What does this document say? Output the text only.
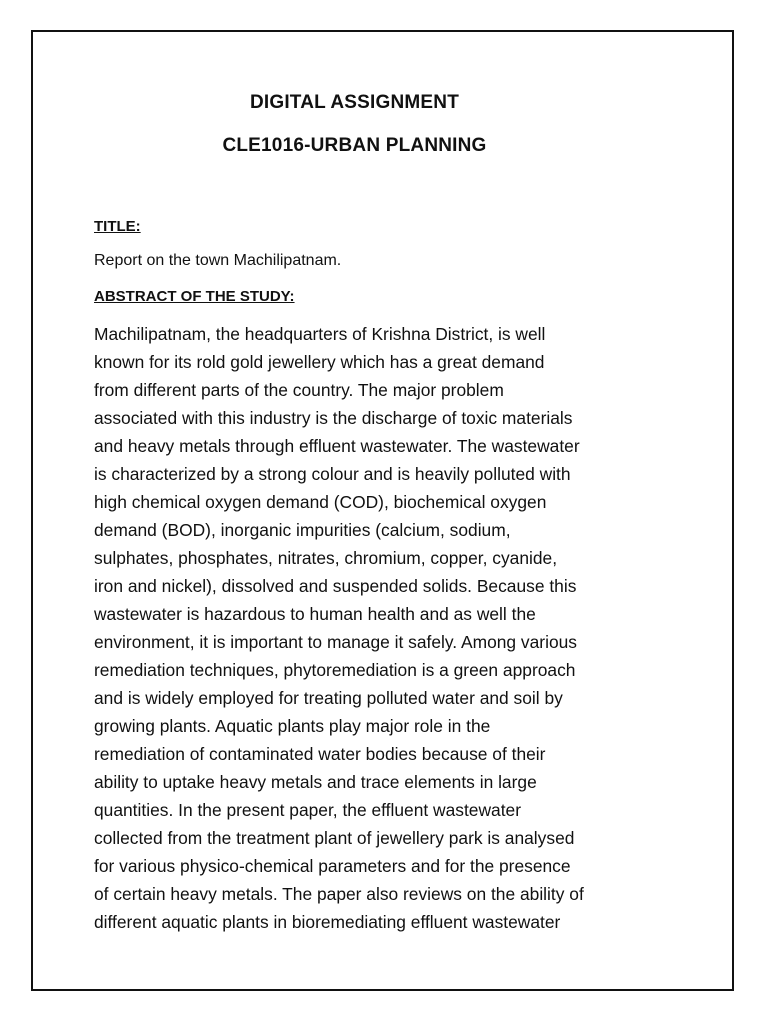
DIGITAL ASSIGNMENT
CLE1016-URBAN PLANNING
TITLE:
Report on the town Machilipatnam.
ABSTRACT OF THE STUDY:
Machilipatnam, the headquarters of Krishna District, is well
known for its rold gold jewellery which has a great demand
from different parts of the country. The major problem
associated with this industry is the discharge of toxic materials
and heavy metals through effluent wastewater. The wastewater
is characterized by a strong colour and is heavily polluted with
high chemical oxygen demand (COD), biochemical oxygen
demand (BOD), inorganic impurities (calcium, sodium,
sulphates, phosphates, nitrates, chromium, copper, cyanide,
iron and nickel), dissolved and suspended solids. Because this
wastewater is hazardous to human health and as well the
environment, it is important to manage it safely. Among various
remediation techniques, phytoremediation is a green approach
and is widely employed for treating polluted water and soil by
growing plants. Aquatic plants play major role in the
remediation of contaminated water bodies because of their
ability to uptake heavy metals and trace elements in large
quantities. In the present paper, the effluent wastewater
collected from the treatment plant of jewellery park is analysed
for various physico-chemical parameters and for the presence
of certain heavy metals. The paper also reviews on the ability of
different aquatic plants in bioremediating effluent wastewater
